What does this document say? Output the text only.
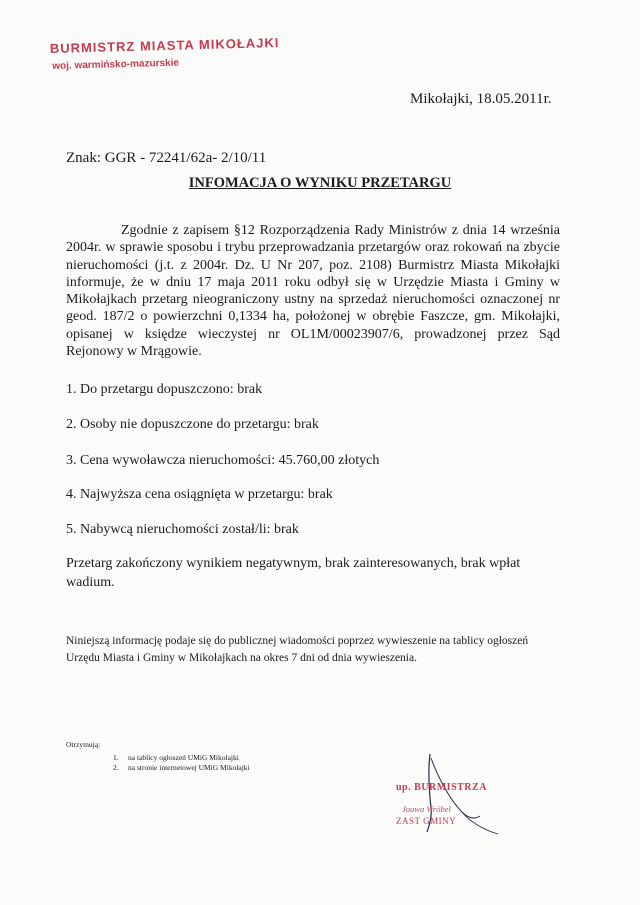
BURMISTRZ MIASTA MIKOŁAJKI
woj. warmińsko-mazurskie
Mikołajki, 18.05.2011r.
Znak: GGR - 72241/62a- 2/10/11
INFOMACJA O WYNIKU PRZETARGU
Zgodnie z zapisem §12 Rozporządzenia Rady Ministrów z dnia 14 września 2004r. w sprawie sposobu i trybu przeprowadzania przetargów oraz rokowań na zbycie nieruchomości (j.t. z 2004r. Dz. U Nr 207, poz. 2108) Burmistrz Miasta Mikołajki informuje, że w dniu 17 maja 2011 roku odbył się w Urzędzie Miasta i Gminy w Mikołajkach przetarg nieograniczony ustny na sprzedaż nieruchomości oznaczonej nr geod. 187/2 o powierzchni 0,1334 ha, położonej w obrębie Faszcze, gm. Mikołajki, opisanej w księdze wieczystej nr OL1M/00023907/6, prowadzonej przez Sąd Rejonowy w Mrągowie.
1. Do przetargu dopuszczono: brak
2. Osoby nie dopuszczone do przetargu: brak
3. Cena wywoławcza nieruchomości: 45.760,00 złotych
4. Najwyższa cena osiągnięta w przetargu: brak
5. Nabywcą nieruchomości został/li: brak
Przetarg zakończony wynikiem negatywnym, brak zainteresowanych, brak wpłat wadium.
Niniejszą informację podaje się do publicznej wiadomości poprzez wywieszenie na tablicy ogłoszeń Urzędu Miasta i Gminy w Mikołajkach na okres 7 dni od dnia wywieszenia.
Otrzymują:
1. na tablicy ogłoszeń UMiG Mikołajki
2. na stronie internetowej UMiG Mikołajki
up. BURMISTRZA
Jouwa Wróbel
ZAST GMINY
